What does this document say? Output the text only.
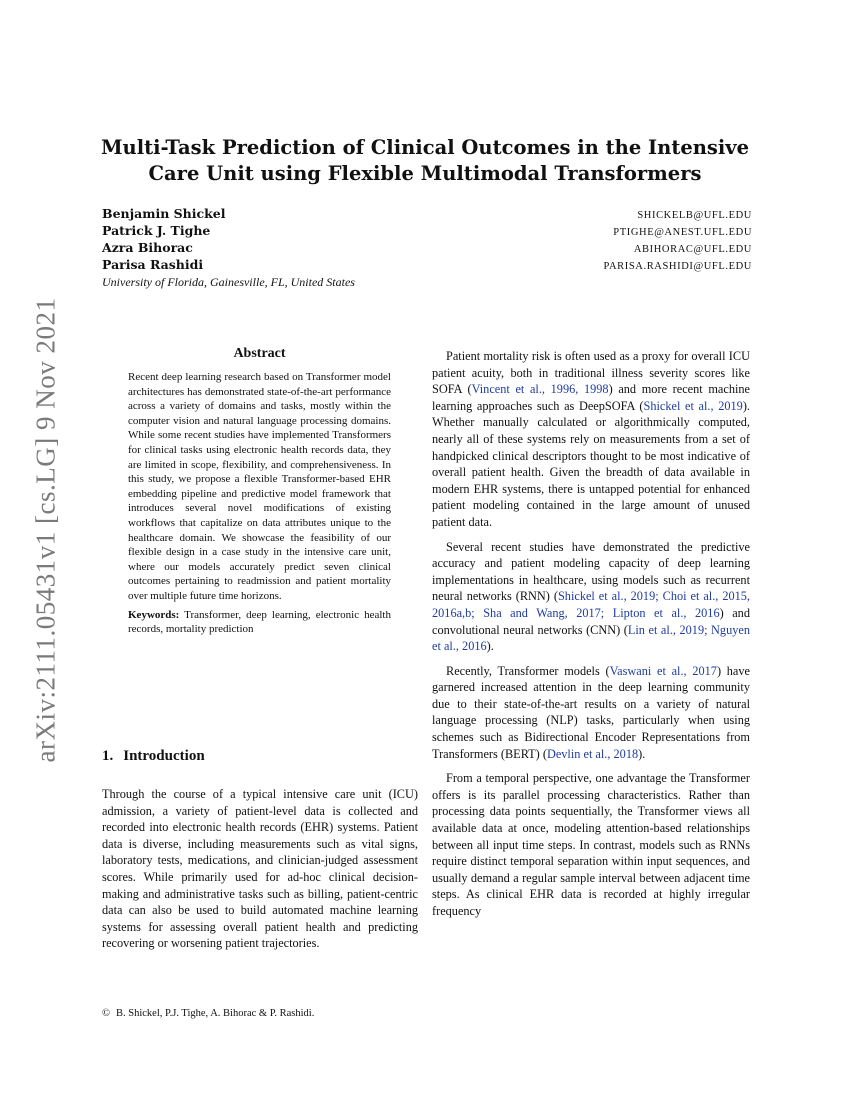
arXiv:2111.05431v1 [cs.LG] 9 Nov 2021
Multi-Task Prediction of Clinical Outcomes in the Intensive Care Unit using Flexible Multimodal Transformers
Benjamin Shickel	SHICKELB@UFL.EDU
Patrick J. Tighe	PTIGHE@ANEST.UFL.EDU
Azra Bihorac	ABIHORAC@UFL.EDU
Parisa Rashidi	PARISA.RASHIDI@UFL.EDU
University of Florida, Gainesville, FL, United States
Abstract

Recent deep learning research based on Transformer model architectures has demonstrated state-of-the-art performance across a variety of domains and tasks, mostly within the computer vision and natural language processing domains. While some recent studies have implemented Transformers for clinical tasks using electronic health records data, they are limited in scope, flexibility, and comprehensiveness. In this study, we propose a flexible Transformer-based EHR embedding pipeline and predictive model framework that introduces several novel modifications of existing workflows that capitalize on data attributes unique to the healthcare domain. We showcase the feasibility of our flexible design in a case study in the intensive care unit, where our models accurately predict seven clinical outcomes pertaining to readmission and patient mortality over multiple future time horizons.

Keywords: Transformer, deep learning, electronic health records, mortality prediction

1. Introduction

Through the course of a typical intensive care unit (ICU) admission, a variety of patient-level data is collected and recorded into electronic health records (EHR) systems. Patient data is diverse, including measurements such as vital signs, laboratory tests, medications, and clinician-judged assessment scores. While primarily used for ad-hoc clinical decision-making and administrative tasks such as billing, patient-centric data can also be used to build automated machine learning systems for assessing overall patient health and predicting recovering or worsening patient trajectories.

Patient mortality risk is often used as a proxy for overall ICU patient acuity, both in traditional illness severity scores like SOFA (Vincent et al., 1996, 1998) and more recent machine learning approaches such as DeepSOFA (Shickel et al., 2019). Whether manually calculated or algorithmically computed, nearly all of these systems rely on measurements from a set of handpicked clinical descriptors thought to be most indicative of overall patient health. Given the breadth of data available in modern EHR systems, there is untapped potential for enhanced patient modeling contained in the large amount of unused patient data.

Several recent studies have demonstrated the predictive accuracy and patient modeling capacity of deep learning implementations in healthcare, using models such as recurrent neural networks (RNN) (Shickel et al., 2019; Choi et al., 2015, 2016a,b; Sha and Wang, 2017; Lipton et al., 2016) and convolutional neural networks (CNN) (Lin et al., 2019; Nguyen et al., 2016).

Recently, Transformer models (Vaswani et al., 2017) have garnered increased attention in the deep learning community due to their state-of-the-art results on a variety of natural language processing (NLP) tasks, particularly when using schemes such as Bidirectional Encoder Representations from Transformers (BERT) (Devlin et al., 2018).

From a temporal perspective, one advantage the Transformer offers is its parallel processing characteristics. Rather than processing data points sequentially, the Transformer views all available data at once, modeling attention-based relationships between all input time steps. In contrast, models such as RNNs require distinct temporal separation within input sequences, and usually demand a regular sample interval between adjacent time steps. As clinical EHR data is recorded at highly irregular frequency

© B. Shickel, P.J. Tighe, A. Bihorac & P. Rashidi.
